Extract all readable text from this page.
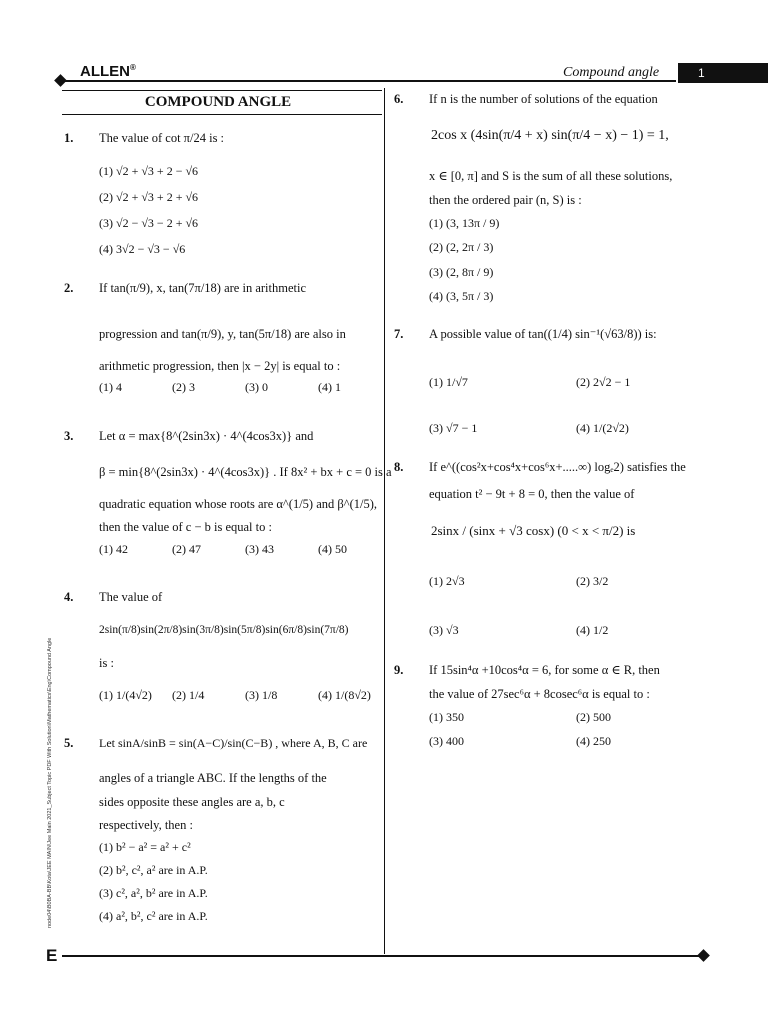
ALLEN®	Compound angle	1
COMPOUND ANGLE
node04\B0BA-BB\Kota\JEE MAIN\Jee Main 2021_Subject Topic PDF With Solution\Mathematics\Eng\Compound Angle
E
1. The value of cot π/24 is :
(1) √2 + √3 + 2 − √6
(2) √2 + √3 + 2 + √6
(3) √2 − √3 − 2 + √6
(4) 3√2 − √3 − √6
2. If tan(π/9), x, tan(7π/18) are in arithmetic
progression and tan(π/9), y, tan(5π/18) are also in
arithmetic progression, then |x − 2y| is equal to :
(1) 4	(2) 3	(3) 0	(4) 1
3. Let α = max{8^(2sin3x) · 4^(4cos3x)} and
β = min{8^(2sin3x) · 4^(4cos3x)} . If 8x² + bx + c = 0 is a
quadratic equation whose roots are α^(1/5) and β^(1/5),
then the value of c − b is equal to :
(1) 42	(2) 47	(3) 43	(4) 50
4. The value of
2sin(π/8)sin(2π/8)sin(3π/8)sin(5π/8)sin(6π/8)sin(7π/8)
is :
(1) 1/(4√2) (2) 1/4	(3) 1/8	(4) 1/(8√2)
5. Let sinA/sinB = sin(A−C)/sin(C−B) , where A, B, C are
angles of a triangle ABC. If the lengths of the
sides opposite these angles are a, b, c
respectively, then :
(1) b² − a² = a² + c²
(2) b², c², a² are in A.P.
(3) c², a², b² are in A.P.
(4) a², b², c² are in A.P.
6. If n is the number of solutions of the equation
2cos x (4sin(π/4 + x) sin(π/4 − x) − 1) = 1,
x ∈ [0, π] and S is the sum of all these solutions,
then the ordered pair (n, S) is :
(1) (3, 13π / 9)
(2) (2, 2π / 3)
(3) (2, 8π / 9)
(4) (3, 5π / 3)
7. A possible value of tan((1/4) sin⁻¹(√63/8)) is:
(1) 1/√7	(2) 2√2 − 1
(3) √7 − 1	(4) 1/(2√2)
8. If e^((cos²x+cos⁴x+cos⁶x+.....∞) logₑ2) satisfies the
equation t² − 9t + 8 = 0, then the value of
2sinx / (sinx + √3 cosx) (0 < x < π/2) is
(1) 2√3	(2) 3/2
(3) √3	(4) 1/2
9. If 15sin⁴α +10cos⁴α = 6, for some α ∈ R, then
the value of 27sec⁶α + 8cosec⁶α is equal to :
(1) 350	(2) 500
(3) 400	(4) 250
